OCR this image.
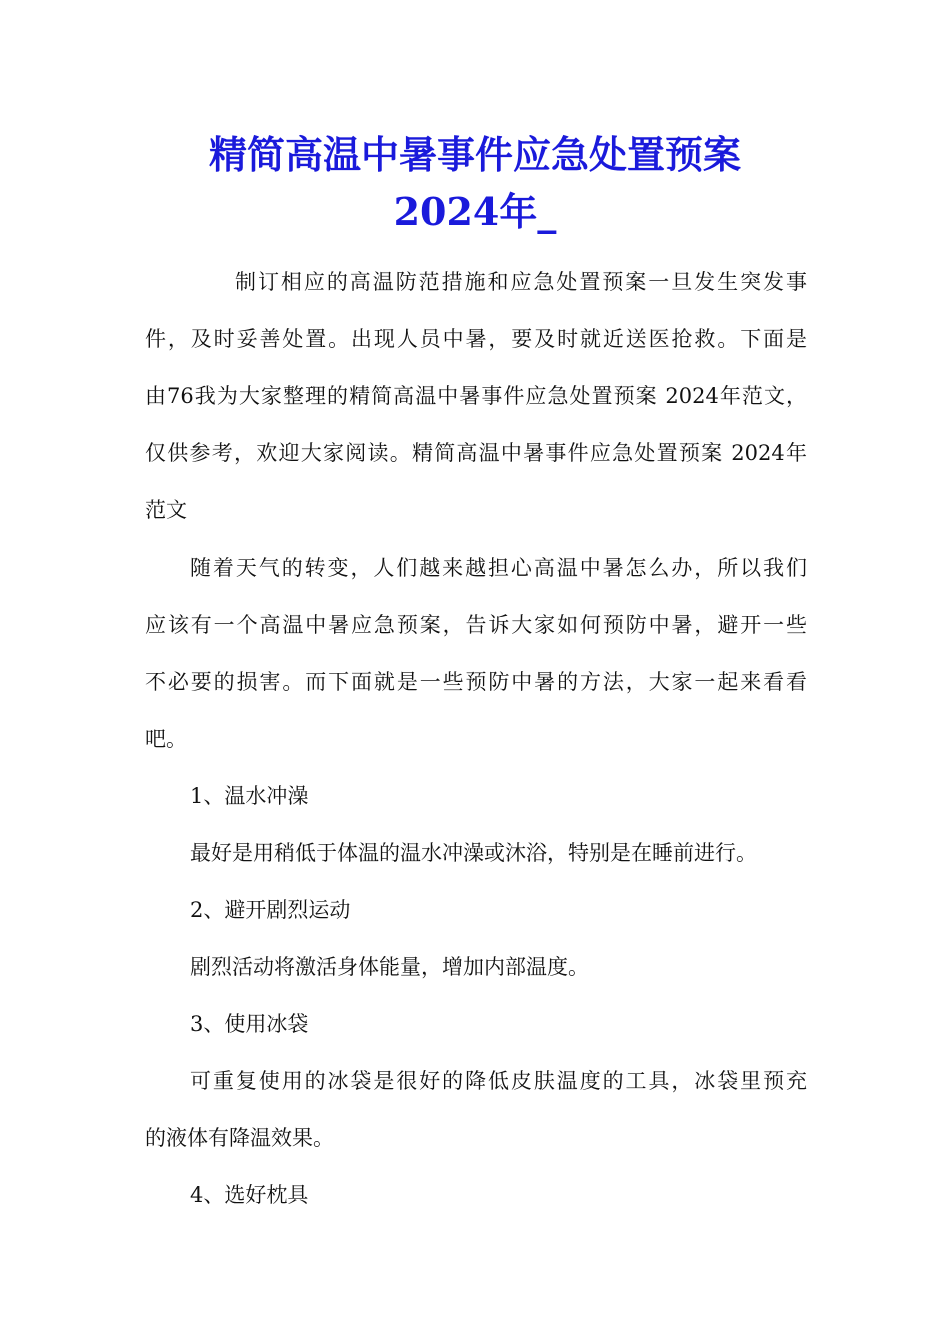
精简高温中暑事件应急处置预案
2024年_
制订相应的高温防范措施和应急处置预案一旦发生突发事
件，及时妥善处置。出现人员中暑，要及时就近送医抢救。下面是
由76我为大家整理的精简高温中暑事件应急处置预案 2024年范文，
仅供参考，欢迎大家阅读。精简高温中暑事件应急处置预案 2024年
范文
随着天气的转变，人们越来越担心高温中暑怎么办，所以我们
应该有一个高温中暑应急预案，告诉大家如何预防中暑，避开一些
不必要的损害。而下面就是一些预防中暑的方法，大家一起来看看
吧。
1、温水冲澡
最好是用稍低于体温的温水冲澡或沐浴，特别是在睡前进行。
2、避开剧烈运动
剧烈活动将激活身体能量，增加内部温度。
3、使用冰袋
可重复使用的冰袋是很好的降低皮肤温度的工具，冰袋里预充
的液体有降温效果。
4、选好枕具
